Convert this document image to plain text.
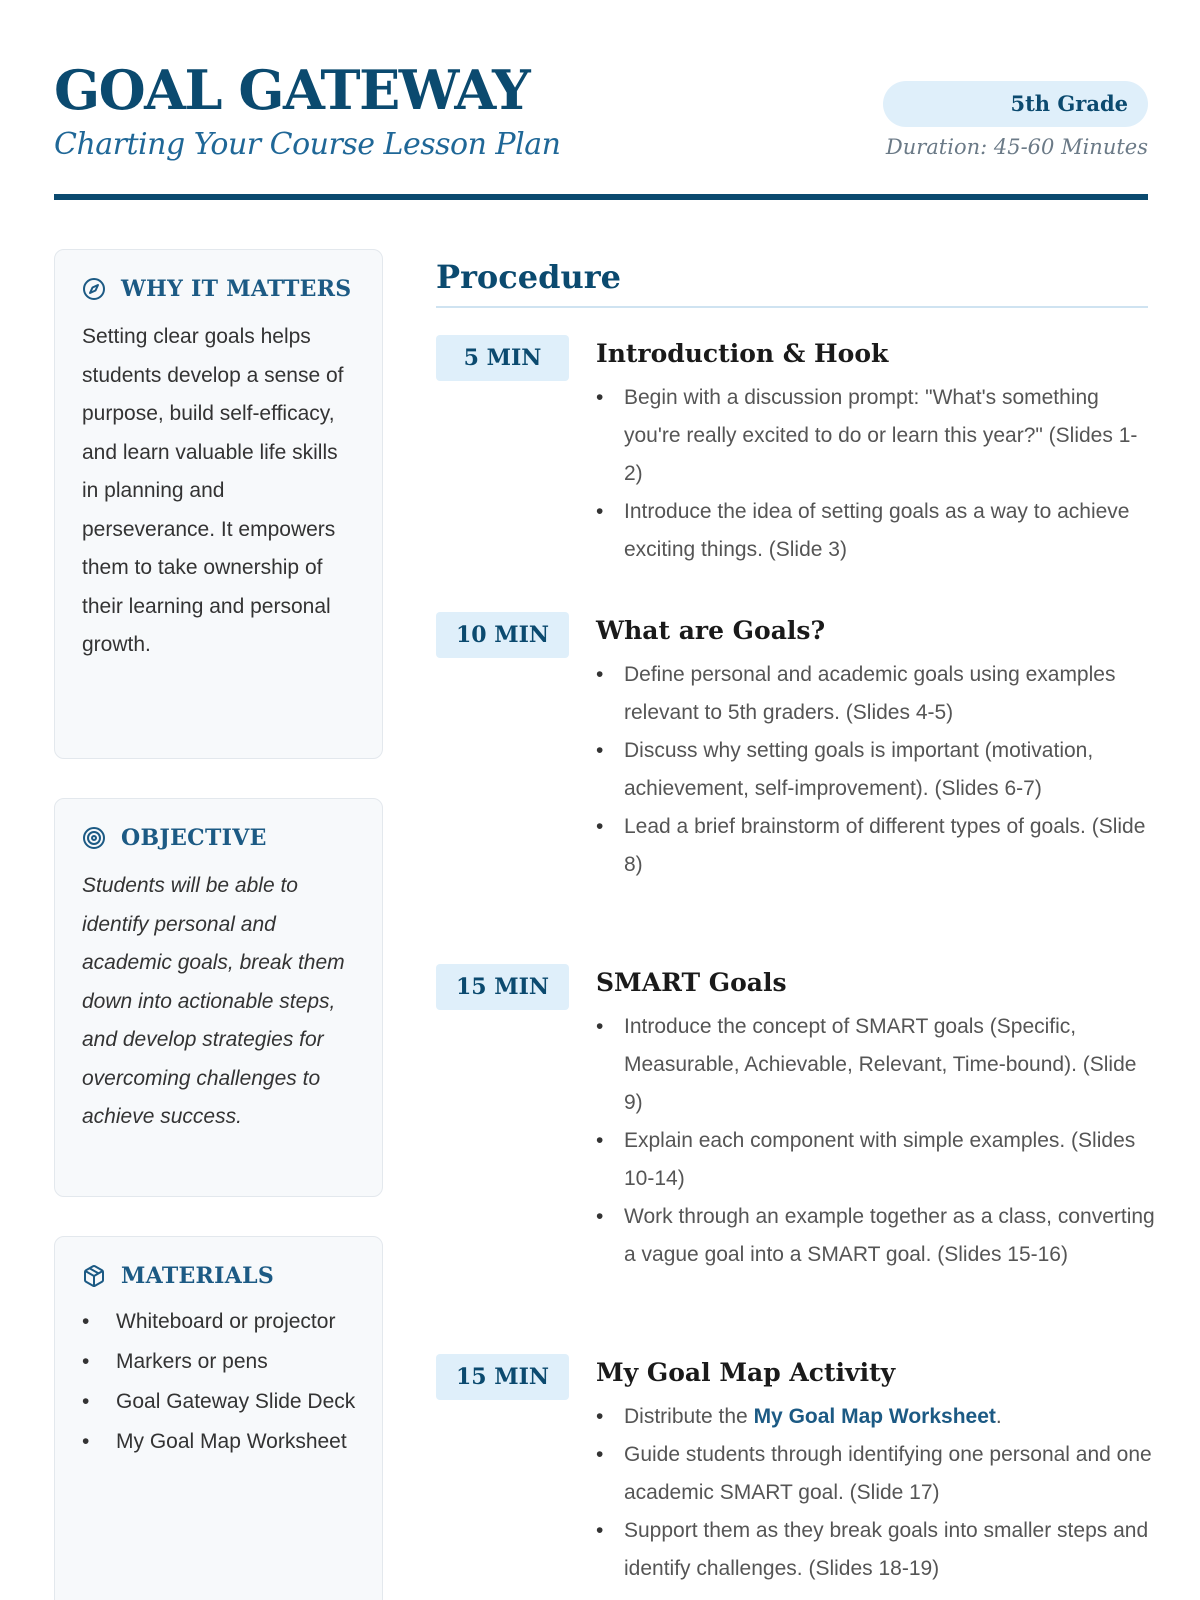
GOAL GATEWAY
Charting Your Course Lesson Plan
5th Grade
Duration: 45-60 Minutes
WHY IT MATTERS

Setting clear goals helps students develop a sense of purpose, build self-efficacy, and learn valuable life skills in planning and perseverance. It empowers them to take ownership of their learning and personal growth.

OBJECTIVE

Students will be able to identify personal and academic goals, break them down into actionable steps, and develop strategies for overcoming challenges to achieve success.

MATERIALS
• Whiteboard or projector
• Markers or pens
• Goal Gateway Slide Deck
• My Goal Map Worksheet
Procedure
5 MIN	Introduction & Hook
• Begin with a discussion prompt: "What's something you're really excited to do or learn this year?" (Slides 1-2)
• Introduce the idea of setting goals as a way to achieve exciting things. (Slide 3)
10 MIN	What are Goals?
• Define personal and academic goals using examples relevant to 5th graders. (Slides 4-5)
• Discuss why setting goals is important (motivation, achievement, self-improvement). (Slides 6-7)
• Lead a brief brainstorm of different types of goals. (Slide 8)
15 MIN	SMART Goals
• Introduce the concept of SMART goals (Specific, Measurable, Achievable, Relevant, Time-bound). (Slide 9)
• Explain each component with simple examples. (Slides 10-14)
• Work through an example together as a class, converting a vague goal into a SMART goal. (Slides 15-16)
15 MIN	My Goal Map Activity
• Distribute the My Goal Map Worksheet.
• Guide students through identifying one personal and one academic SMART goal. (Slide 17)
• Support them as they break goals into smaller steps and identify challenges. (Slides 18-19)
